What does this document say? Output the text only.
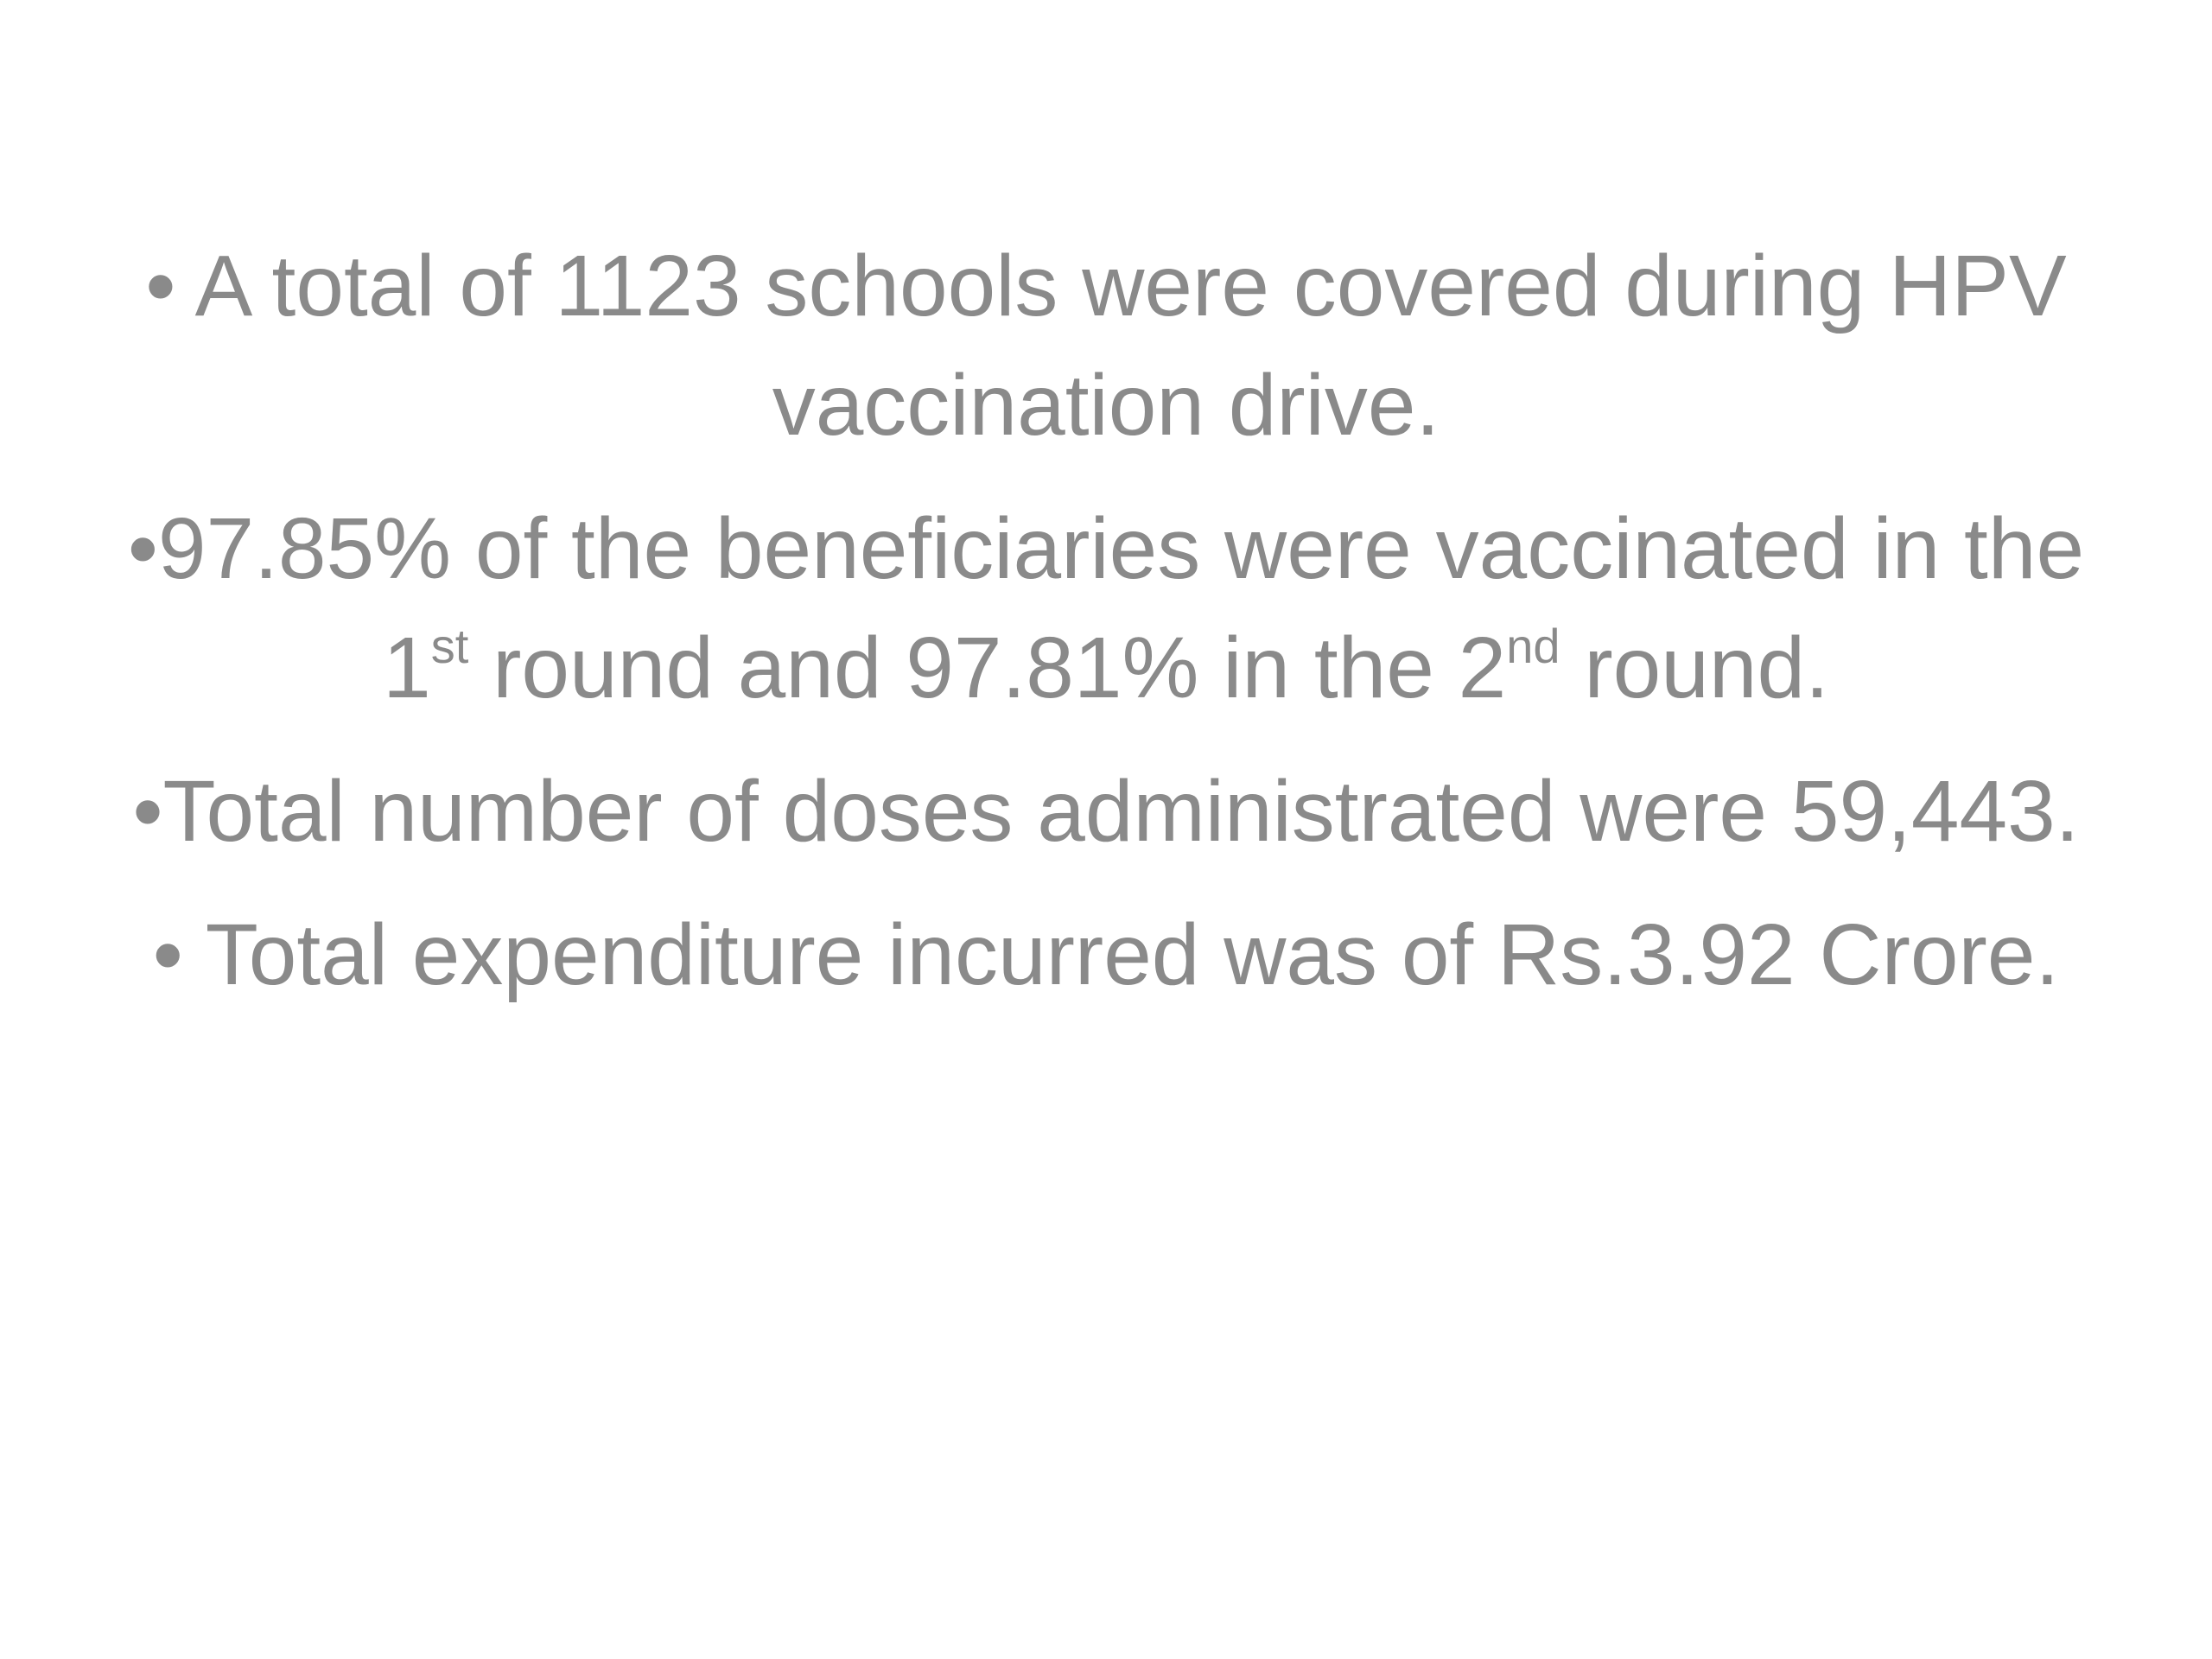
• A total of 1123 schools were covered during HPV vaccination drive.
•97.85% of the beneficiaries were vaccinated in the 1st round and 97.81% in the 2nd round.
•Total number of doses administrated were 59,443.
• Total expenditure incurred was of Rs.3.92 Crore.
